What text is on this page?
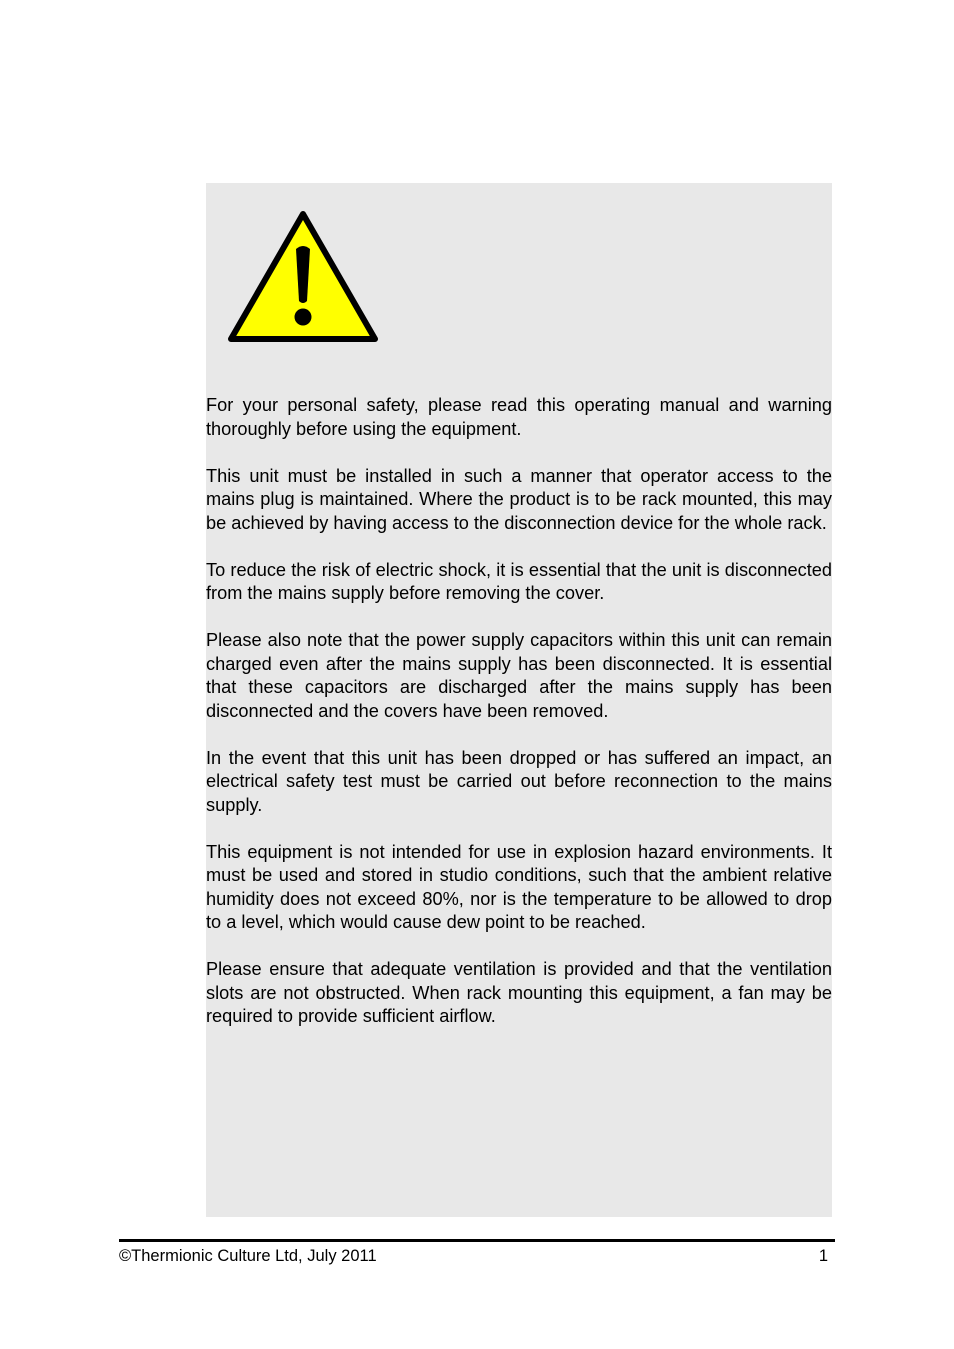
For your personal safety, please read this operating manual and warning thoroughly before using the equipment.

This unit must be installed in such a manner that operator access to the mains plug is maintained. Where the product is to be rack mounted, this may be achieved by having access to the disconnection device for the whole rack.

To reduce the risk of electric shock, it is essential that the unit is disconnected from the mains supply before removing the cover.

Please also note that the power supply capacitors within this unit can remain charged even after the mains supply has been disconnected. It is essential that these capacitors are discharged after the mains supply has been disconnected and the covers have been removed.

In the event that this unit has been dropped or has suffered an impact, an electrical safety test must be carried out before reconnection to the mains supply.

This equipment is not intended for use in explosion hazard environments. It must be used and stored in studio conditions, such that the ambient relative humidity does not exceed 80%, nor is the temperature to be allowed to drop to a level, which would cause dew point to be reached.

Please ensure that adequate ventilation is provided and that the ventilation slots are not obstructed. When rack mounting this equipment, a fan may be required to provide sufficient airflow.

©Thermionic Culture Ltd, July 2011	1
